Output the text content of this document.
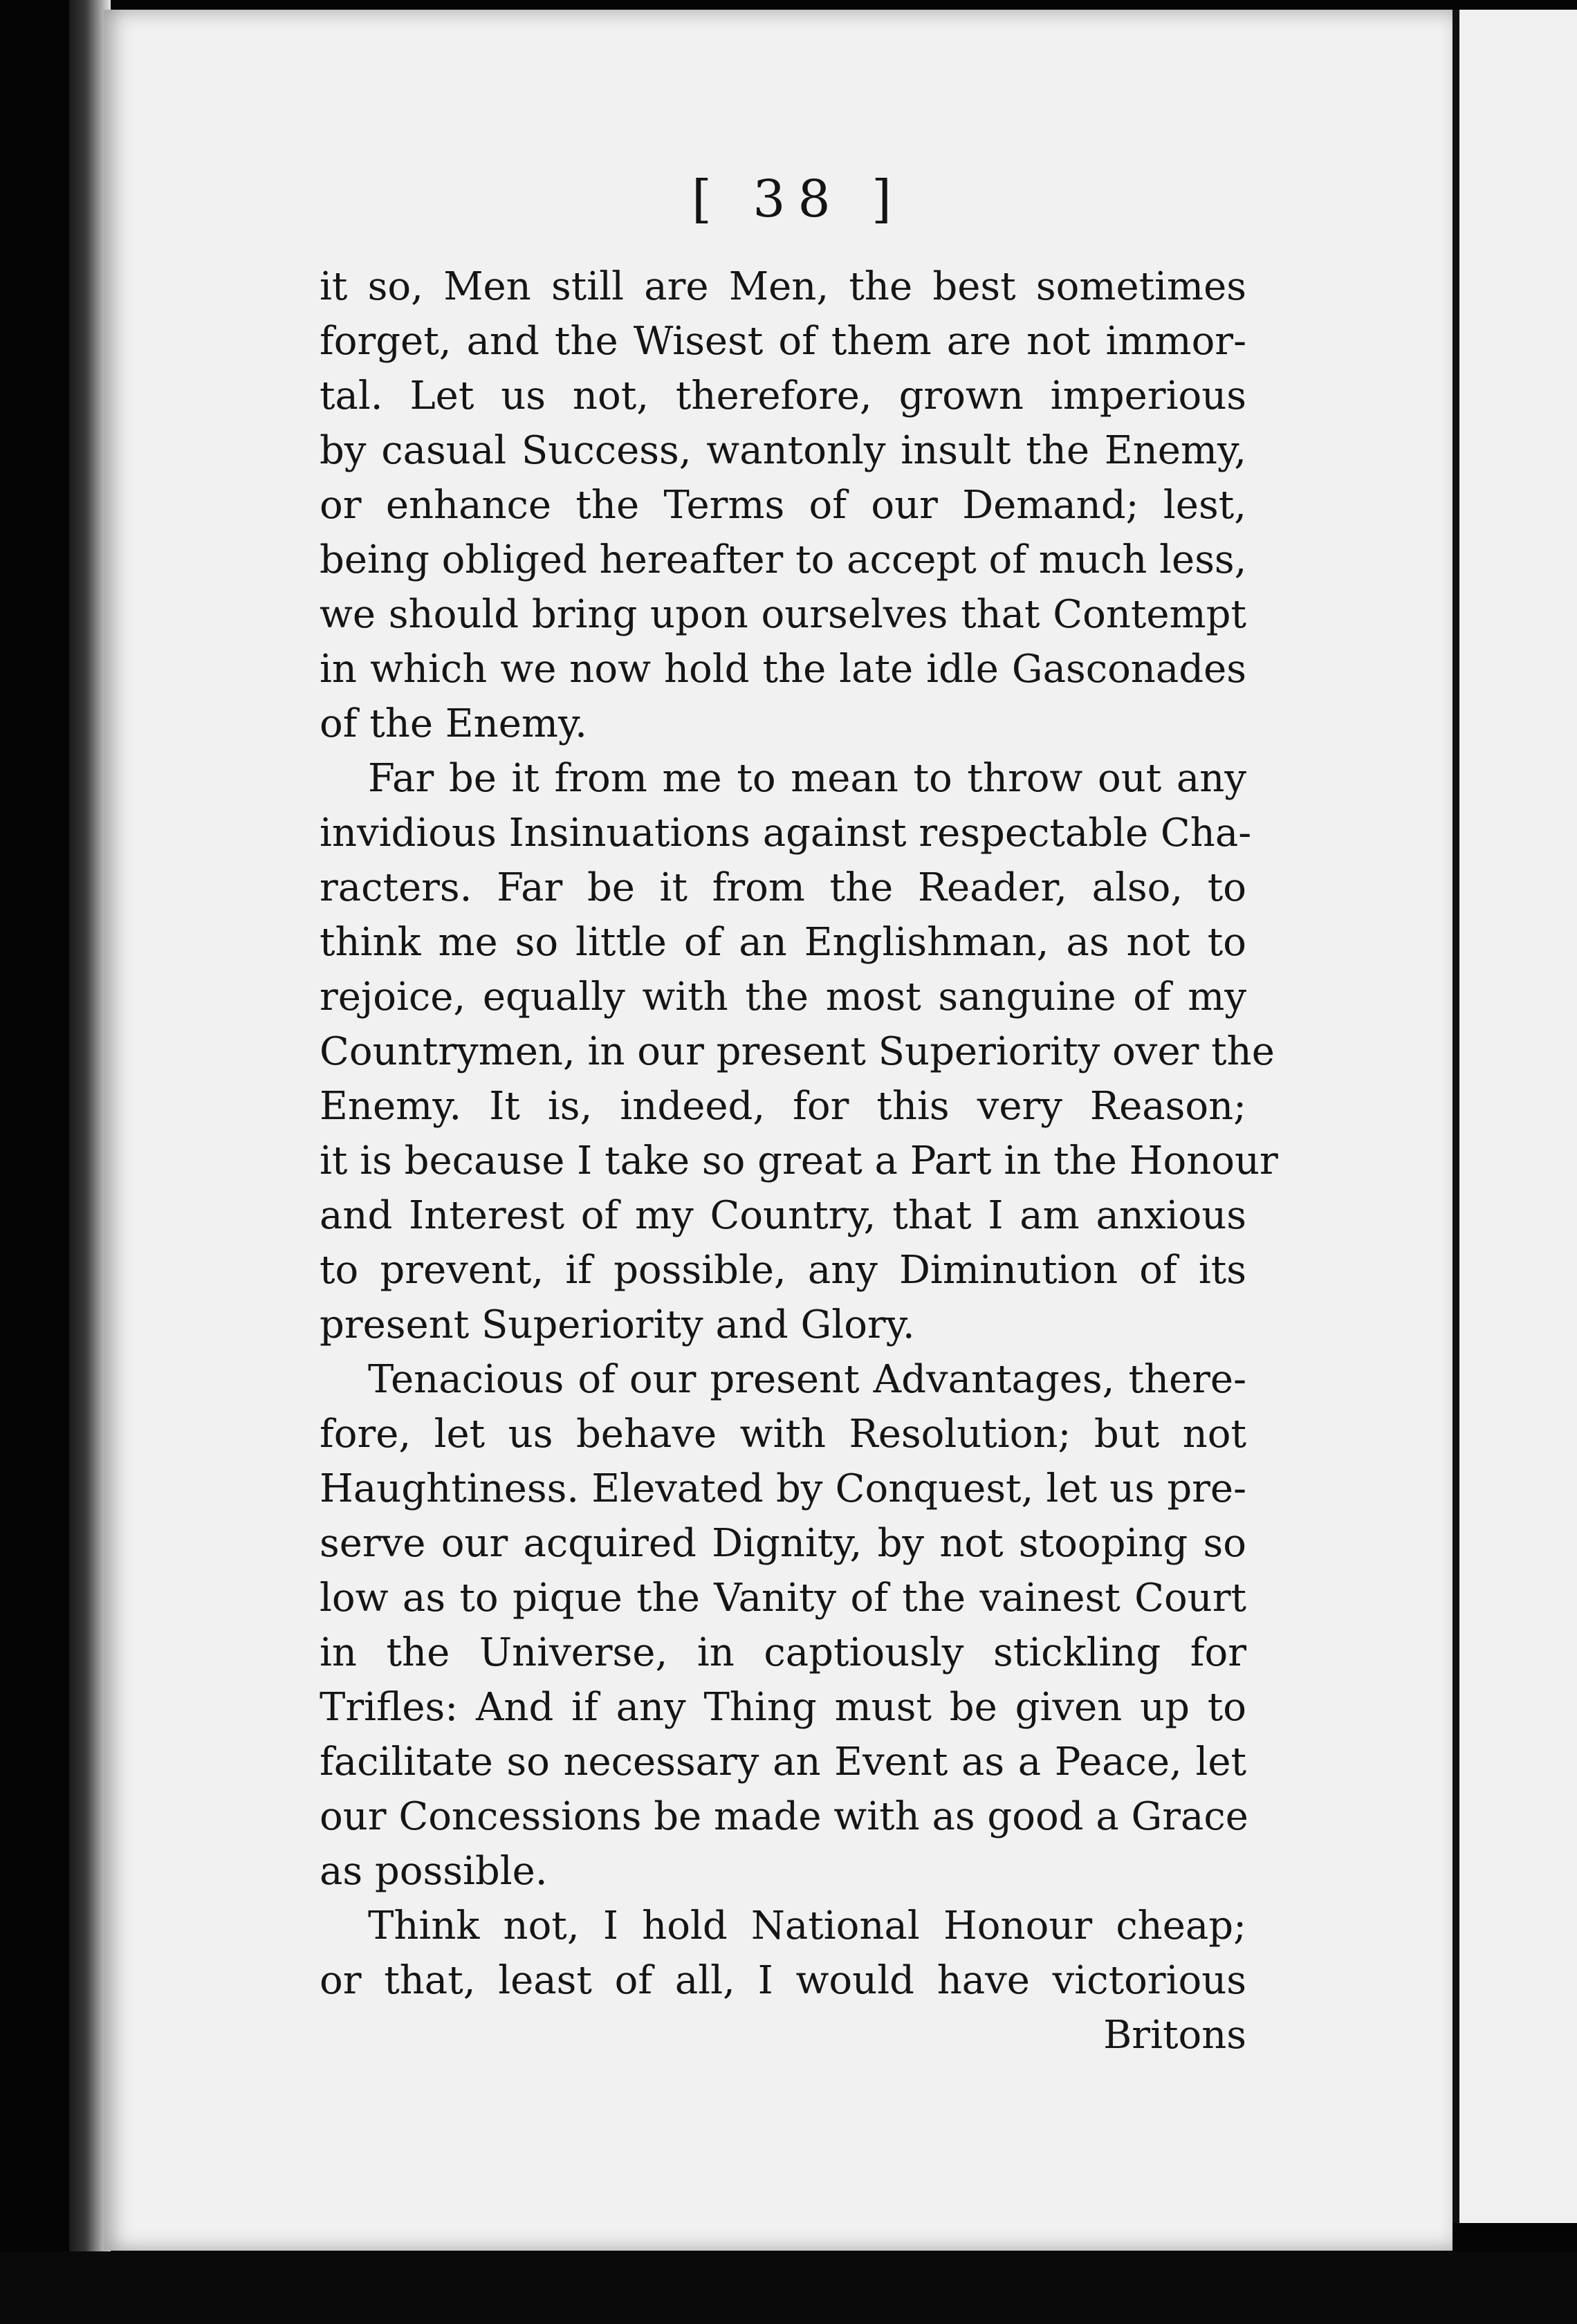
[ 38 ]
it so, Men still are Men, the best sometimes
forget, and the Wisest of them are not immor-
tal. Let us not, therefore, grown imperious
by casual Success, wantonly insult the Enemy,
or enhance the Terms of our Demand; lest,
being obliged hereafter to accept of much less,
we should bring upon ourselves that Contempt
in which we now hold the late idle Gasconades
of the Enemy.
Far be it from me to mean to throw out any
invidious Insinuations against respectable Cha-
racters. Far be it from the Reader, also, to
think me so little of an Englishman, as not to
rejoice, equally with the most sanguine of my
Countrymen, in our present Superiority over the
Enemy. It is, indeed, for this very Reason;
it is because I take so great a Part in the Honour
and Interest of my Country, that I am anxious
to prevent, if possible, any Diminution of its
present Superiority and Glory.
Tenacious of our present Advantages, there-
fore, let us behave with Resolution; but not
Haughtiness. Elevated by Conquest, let us pre-
serve our acquired Dignity, by not stooping so
low as to pique the Vanity of the vainest Court
in the Universe, in captiously stickling for
Trifles: And if any Thing must be given up to
facilitate so necessary an Event as a Peace, let
our Concessions be made with as good a Grace
as possible.
Think not, I hold National Honour cheap;
or that, least of all, I would have victorious
Britons
